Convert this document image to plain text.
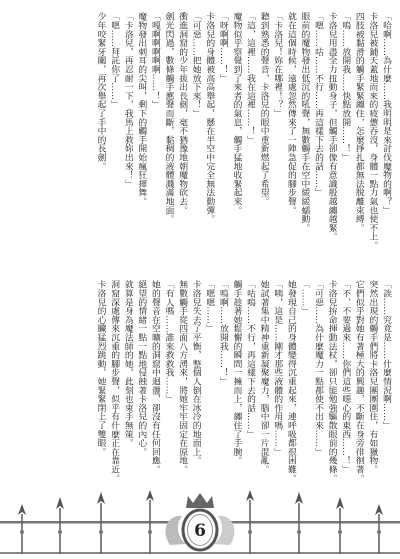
「哈啊……為什麼……我明明是來討伐魔物的啊？」

卡洛兒被鋪天蓋地而來的疲憊吞沒，身體一點力氣也使不上。

四肢被黏滑的觸手緊緊纏住，怎麼掙扎都無法脫離束縛。

「嗚……放開我……快點放開……！」

卡洛兒用盡全力扭動身子，但觸手卻像有意識般越纏越緊。

「嗯……咕……不行……再這樣下去的話……」

眼前的魔物發出低沉的吼聲，無數觸手在空中緩緩蠕動。

就在這個時候，遠處忽然傳來了一陣急促的腳步聲。

「卡洛兒！妳在哪裡！？」

聽到熟悉的聲音，卡洛兒的眼中重新燃起了希望。

「這、這裡……我在這裡……！」

魔物似乎察覺到了來者的氣息，觸手猛地收緊起來。

「呀啊啊……！」

卡洛兒的身體被高高舉起，懸在半空中完全無法動彈。

「可惡……把她放下來！」

衝進洞窟的少年拔出長劍，毫不猶豫地朝魔物砍去。

劍光閃過，數條觸手應聲而斷，黏稠的液體濺滿地面。

「嘎啊啊啊啊啊……！」

魔物發出刺耳的尖叫，剩下的觸手開始瘋狂揮舞。

「卡洛兒，再忍耐一下，我馬上救妳出來！」

「嗯……拜託你了……」

少年咬緊牙關，再次舉起了手中的長劍。

「誒……究竟是……什麼情況啊……」

突然出現的觸手們將卡洛兒團團圍住，有如獵物。

它們似乎對她有著極大的興趣，不斷在身旁徘徊著。

「不、不要過來……你們這些噁心的東西……！」

卡洛兒拚命揮動法杖，卻只能勉強驅散眼前的幾條。

「可惡……為什麼魔力一點都使不出來……」

「……」

她發現自己的身體變得沉重起來，連呼吸都很困難。

「咦，這是……剛才那些液體的作用嗎……」

她試著集中精神重新凝聚魔力，腦中卻一片混亂。

「咕嗚……不行，再這樣下去的話……」

觸手趁著她鬆懈的瞬間一擁而上，纏住了手腕。

「嗚啊……放開我……！」

「嗯嗯……」

卡洛兒失去了平衡，整個人倒在冰冷的地面上。

無數觸手從四面八方湧來，將她牢牢固定在原地。

「有人嗎……誰來救救我……」

她的聲音在空曠的洞窟中迴盪，卻沒有任何回應。

絕望的情緒一點一點地侵蝕著卡洛兒的內心。

就算是身為魔法師的她，此刻也束手無策。

洞窟深處傳來沉重的腳步聲，似乎有什麼正在靠近。

卡洛兒的心臟猛烈跳動，她緊緊閉上了雙眼。

6
